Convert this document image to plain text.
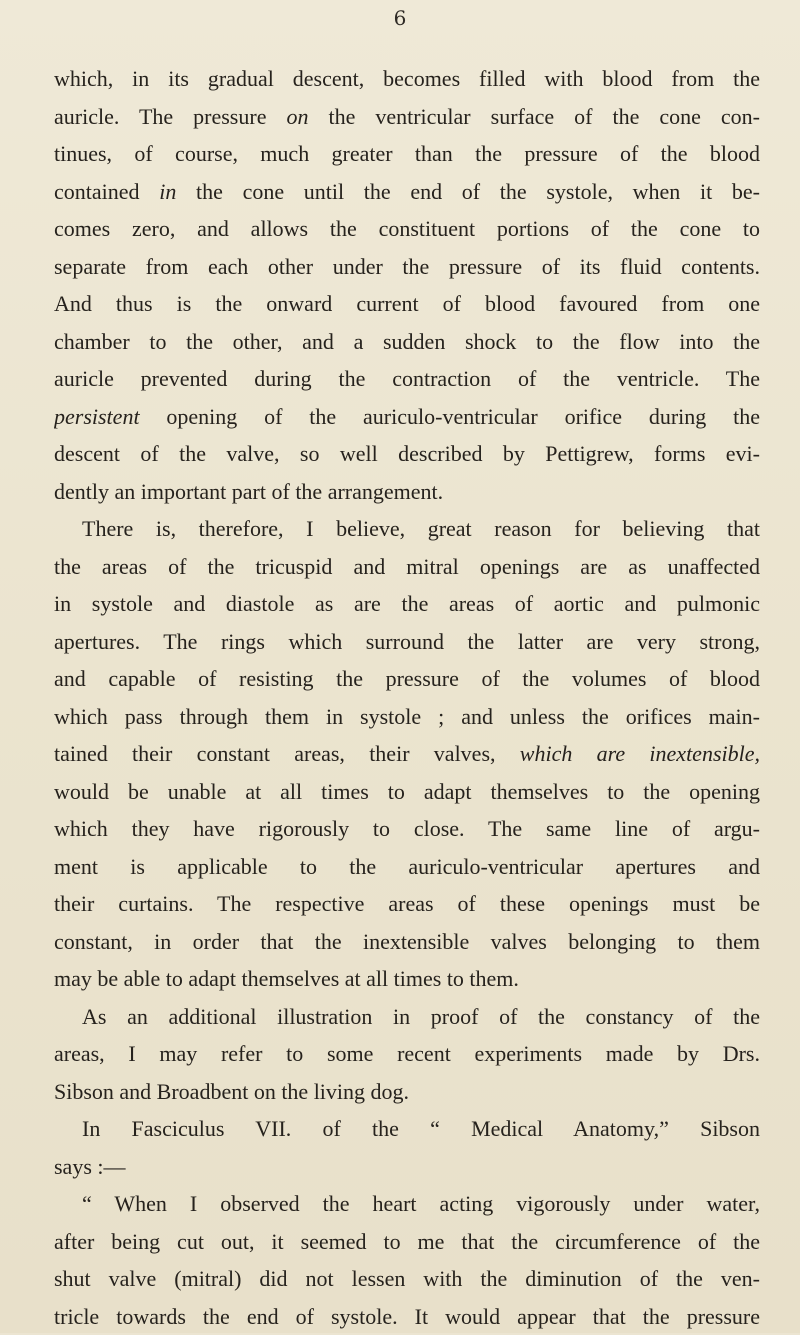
6
which, in its gradual descent, becomes filled with blood from the
auricle. The pressure on the ventricular surface of the cone con-
tinues, of course, much greater than the pressure of the blood
contained in the cone until the end of the systole, when it be-
comes zero, and allows the constituent portions of the cone to
separate from each other under the pressure of its fluid contents.
And thus is the onward current of blood favoured from one
chamber to the other, and a sudden shock to the flow into the
auricle prevented during the contraction of the ventricle. The
persistent opening of the auriculo-ventricular orifice during the
descent of the valve, so well described by Pettigrew, forms evi-
dently an important part of the arrangement.
There is, therefore, I believe, great reason for believing that
the areas of the tricuspid and mitral openings are as unaffected
in systole and diastole as are the areas of aortic and pulmonic
apertures. The rings which surround the latter are very strong,
and capable of resisting the pressure of the volumes of blood
which pass through them in systole ; and unless the orifices main-
tained their constant areas, their valves, which are inextensible,
would be unable at all times to adapt themselves to the opening
which they have rigorously to close. The same line of argu-
ment is applicable to the auriculo-ventricular apertures and
their curtains. The respective areas of these openings must be
constant, in order that the inextensible valves belonging to them
may be able to adapt themselves at all times to them.
As an additional illustration in proof of the constancy of the
areas, I may refer to some recent experiments made by Drs.
Sibson and Broadbent on the living dog.
In Fasciculus VII. of the “ Medical Anatomy,” Sibson
says :—
“ When I observed the heart acting vigorously under water,
after being cut out, it seemed to me that the circumference of the
shut valve (mitral) did not lessen with the diminution of the ven-
tricle towards the end of systole. It would appear that the pressure
